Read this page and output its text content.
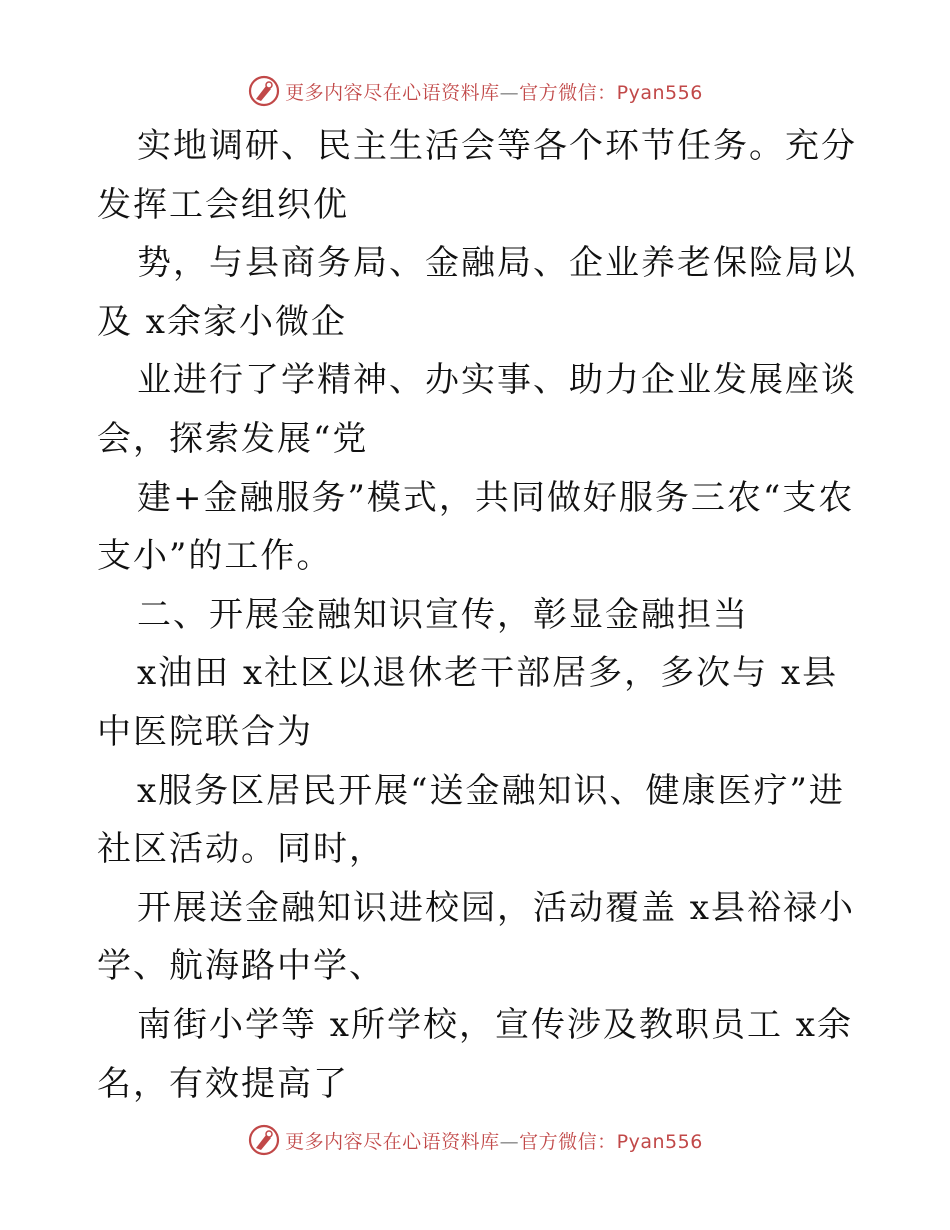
更多内容尽在心语资料库—官方微信：Pyan556

实地调研、民主生活会等各个环节任务。充分发挥工会组织优

势，与县商务局、金融局、企业养老保险局以及 x余家小微企

业进行了学精神、办实事、助力企业发展座谈会，探索发展“党

建+金融服务”模式，共同做好服务三农“支农支小”的工作。

二、开展金融知识宣传，彰显金融担当

x油田 x社区以退休老干部居多，多次与 x县中医院联合为

x服务区居民开展“送金融知识、健康医疗”进社区活动。同时，

开展送金融知识进校园，活动覆盖 x县裕禄小学、航海路中学、

南街小学等 x所学校，宣传涉及教职员工 x余名，有效提高了

更多内容尽在心语资料库—官方微信：Pyan556
